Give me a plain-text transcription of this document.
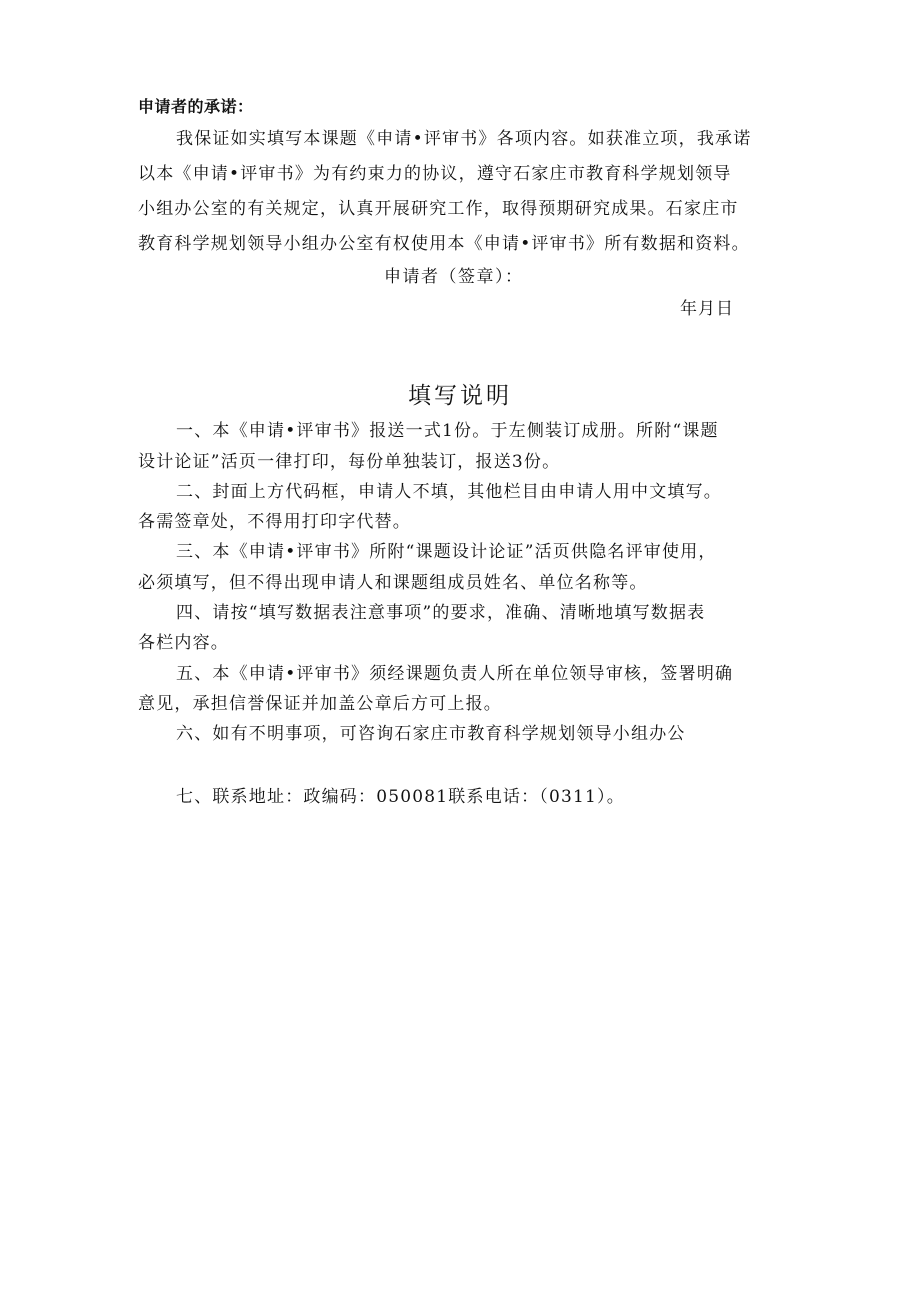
申请者的承诺：
我保证如实填写本课题《申请•评审书》各项内容。如获准立项，我承诺
以本《申请•评审书》为有约束力的协议，遵守石家庄市教育科学规划领导
小组办公室的有关规定，认真开展研究工作，取得预期研究成果。石家庄市
教育科学规划领导小组办公室有权使用本《申请•评审书》所有数据和资料。
申请者（签章）：
年月日
填写说明
一、本《申请•评审书》报送一式1份。于左侧装订成册。所附“课题
设计论证”活页一律打印，每份单独装订，报送3份。
二、封面上方代码框，申请人不填，其他栏目由申请人用中文填写。
各需签章处，不得用打印字代替。
三、本《申请•评审书》所附“课题设计论证”活页供隐名评审使用，
必须填写，但不得出现申请人和课题组成员姓名、单位名称等。
四、请按“填写数据表注意事项”的要求，准确、清晰地填写数据表
各栏内容。
五、本《申请•评审书》须经课题负责人所在单位领导审核，签署明确
意见，承担信誉保证并加盖公章后方可上报。
六、如有不明事项，可咨询石家庄市教育科学规划领导小组办公
七、联系地址：政编码：050081联系电话：（0311）。
